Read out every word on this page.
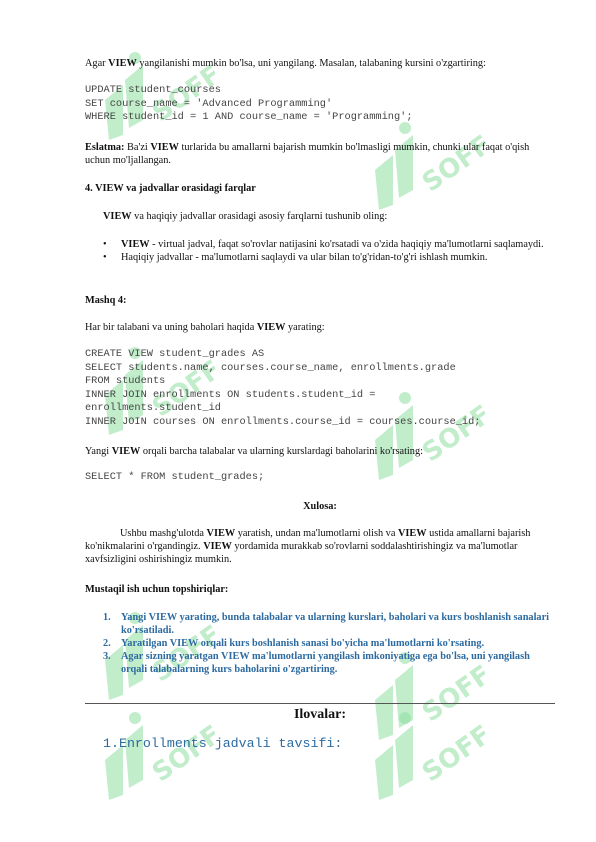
SOFF
SOFF
SOFF
SOFF
SOFF
SOFF
SOFF	SOFF

Agar VIEW yangilanishi mumkin bo'lsa, uni yangilang. Masalan, talabaning kursini o'zgartiring:

UPDATE student_courses
SET course_name = 'Advanced Programming'
WHERE student_id = 1 AND course_name = 'Programming';

Eslatma: Ba'zi VIEW turlarida bu amallarni bajarish mumkin bo'lmasligi mumkin, chunki ular faqat o'qish uchun mo'ljallangan.

4. VIEW va jadvallar orasidagi farqlar

VIEW va haqiqiy jadvallar orasidagi asosiy farqlarni tushunib oling:

• VIEW - virtual jadval, faqat so'rovlar natijasini ko'rsatadi va o'zida haqiqiy ma'lumotlarni saqlamaydi.
• Haqiqiy jadvallar - ma'lumotlarni saqlaydi va ular bilan to'g'ridan-to'g'ri ishlash mumkin.

Mashq 4:

Har bir talabani va uning baholari haqida VIEW yarating:

CREATE VIEW student_grades AS
SELECT students.name, courses.course_name, enrollments.grade
FROM students
INNER JOIN enrollments ON students.student_id =
enrollments.student_id
INNER JOIN courses ON enrollments.course_id = courses.course_id;

Yangi VIEW orqali barcha talabalar va ularning kurslardagi baholarini ko'rsating:

SELECT * FROM student_grades;

Xulosa:

Ushbu mashg'ulotda VIEW yaratish, undan ma'lumotlarni olish va VIEW ustida amallarni bajarish ko'nikmalarini o'rgandingiz. VIEW yordamida murakkab so'rovlarni soddalashtirishingiz va ma'lumotlar xavfsizligini oshirishingiz mumkin.

Mustaqil ish uchun topshiriqlar:

1. Yangi VIEW yarating, bunda talabalar va ularning kurslari, baholari va kurs boshlanish sanalari ko'rsatiladi.
2. Yaratilgan VIEW orqali kurs boshlanish sanasi bo'yicha ma'lumotlarni ko'rsating.
3. Agar sizning yaratgan VIEW ma'lumotlarni yangilash imkoniyatiga ega bo'lsa, uni yangilash orqali talabalarning kurs baholarini o'zgartiring.
Ilovalar:
1.Enrollments jadvali tavsifi:
